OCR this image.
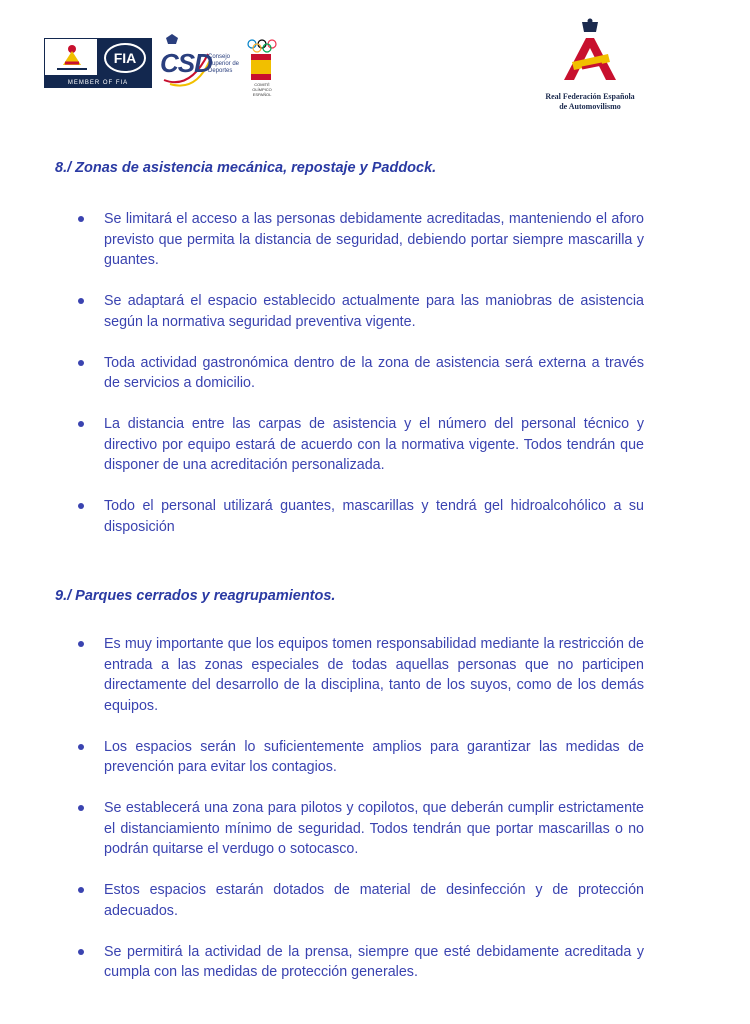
FIA
MEMBER OF FIA
CSD
Consejo Superior de Deportes
COMITÉ OLÍMPICO ESPAÑOL	Real Federación Española
de Automovilismo
8./ Zonas de asistencia mecánica, repostaje y Paddock.
Se limitará el acceso a las personas debidamente acreditadas, manteniendo el aforo previsto que permita la distancia de seguridad, debiendo portar siempre mascarilla y guantes.
Se adaptará el espacio establecido actualmente para las maniobras de asistencia según la normativa seguridad preventiva vigente.
Toda actividad gastronómica dentro de la zona de asistencia será externa a través de servicios a domicilio.
La distancia entre las carpas de asistencia y el número del personal técnico y directivo por equipo estará de acuerdo con la normativa vigente. Todos tendrán que disponer de una acreditación personalizada.
Todo el personal utilizará guantes, mascarillas y tendrá gel hidroalcohólico a su disposición
9./ Parques cerrados y reagrupamientos.
Es muy importante que los equipos tomen responsabilidad mediante la restricción de entrada a las zonas especiales de todas aquellas personas que no participen directamente del desarrollo de la disciplina, tanto de los suyos, como de los demás equipos.
Los espacios serán lo suficientemente amplios para garantizar las medidas de prevención para evitar los contagios.
Se establecerá una zona para pilotos y copilotos, que deberán cumplir estrictamente el distanciamiento mínimo de seguridad. Todos tendrán que portar mascarillas o no podrán quitarse el verdugo o sotocasco.
Estos espacios estarán dotados de material de desinfección y de protección adecuados.
Se permitirá la actividad de la prensa, siempre que esté debidamente acreditada y cumpla con las medidas de protección generales.
